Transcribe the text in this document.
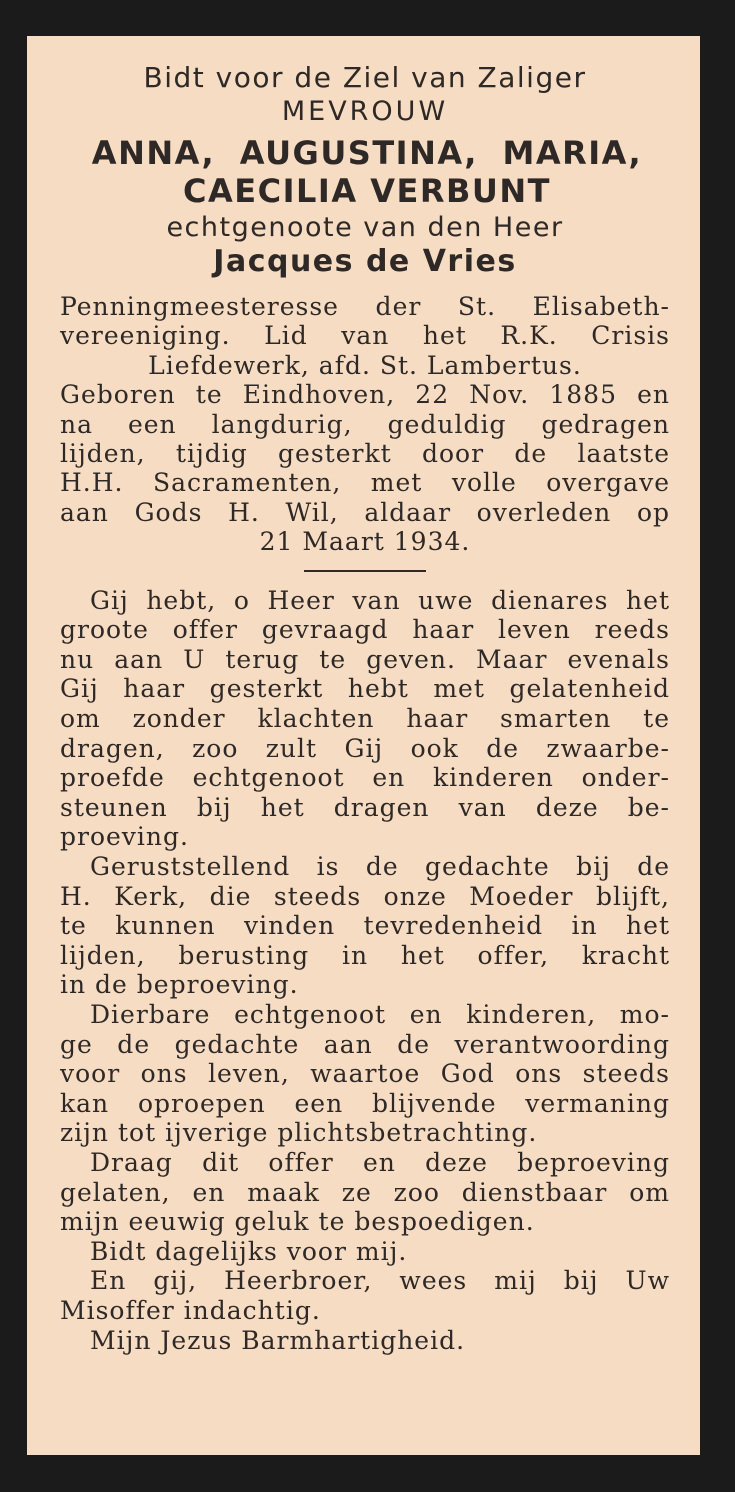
Bidt voor de Ziel van Zaliger

MEVROUW

ANNA, AUGUSTINA, MARIA,

CAECILIA VERBUNT

echtgenoote van den Heer

Jacques de Vries

Penningmeesteresse der St. Elisabeth-
vereeniging. Lid van het R.K. Crisis
Liefdewerk, afd. St. Lambertus.
Geboren te Eindhoven, 22 Nov. 1885 en
na een langdurig, geduldig gedragen
lijden, tijdig gesterkt door de laatste
H.H. Sacramenten, met volle overgave
aan Gods H. Wil, aldaar overleden op
21 Maart 1934.
Gij hebt, o Heer van uwe dienares het
groote offer gevraagd haar leven reeds
nu aan U terug te geven. Maar evenals
Gij haar gesterkt hebt met gelatenheid
om zonder klachten haar smarten te
dragen, zoo zult Gij ook de zwaarbe-
proefde echtgenoot en kinderen onder-
steunen bij het dragen van deze be-
proeving.
Geruststellend is de gedachte bij de
H. Kerk, die steeds onze Moeder blijft,
te kunnen vinden tevredenheid in het
lijden, berusting in het offer, kracht
in de beproeving.
Dierbare echtgenoot en kinderen, mo-
ge de gedachte aan de verantwoording
voor ons leven, waartoe God ons steeds
kan oproepen een blijvende vermaning
zijn tot ijverige plichtsbetrachting.
Draag dit offer en deze beproeving
gelaten, en maak ze zoo dienstbaar om
mijn eeuwig geluk te bespoedigen.
Bidt dagelijks voor mij.
En gij, Heerbroer, wees mij bij Uw
Misoffer indachtig.
Mijn Jezus Barmhartigheid.
